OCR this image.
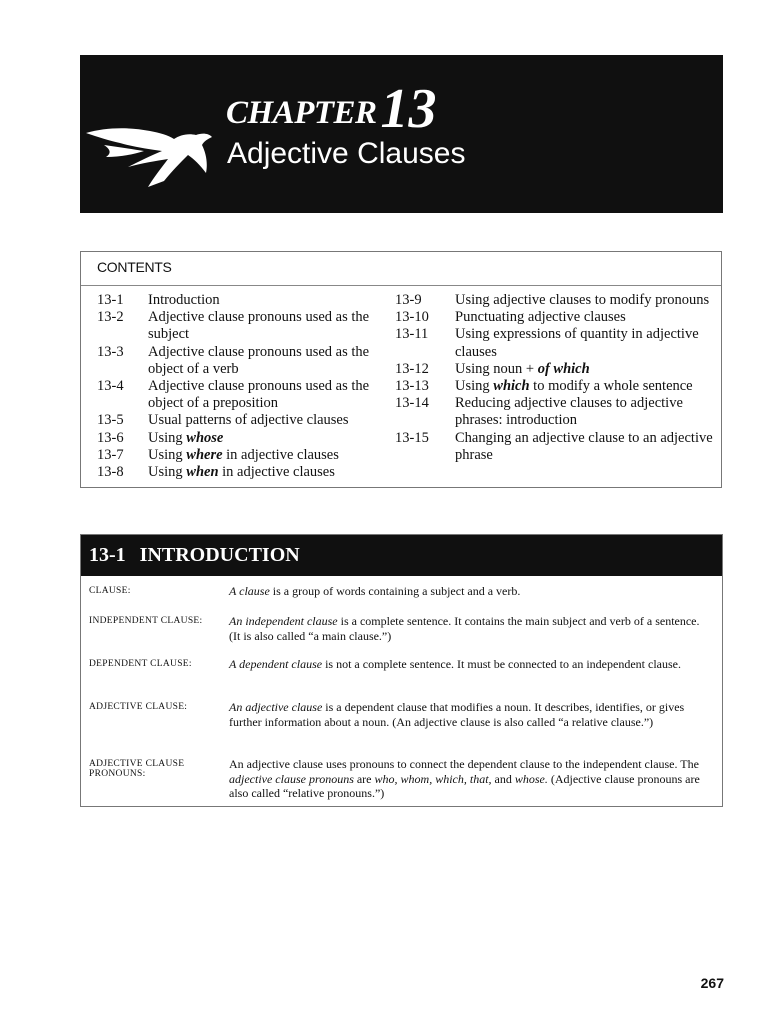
CHAPTER13
Adjective Clauses
CONTENTS
13-1	Introduction
13-2	Adjective clause pronouns used as the subject
13-3	Adjective clause pronouns used as the object of a verb
13-4	Adjective clause pronouns used as the object of a preposition
13-5	Usual patterns of adjective clauses
13-6	Using whose
13-7	Using where in adjective clauses
13-8	Using when in adjective clauses
13-9	Using adjective clauses to modify pronouns
13-10	Punctuating adjective clauses
13-11	Using expressions of quantity in adjective clauses
13-12	Using noun + of which
13-13	Using which to modify a whole sentence
13-14	Reducing adjective clauses to adjective phrases: introduction
13-15	Changing an adjective clause to an adjective phrase
13-1 INTRODUCTION
CLAUSE:	A clause is a group of words containing a subject and a verb.
INDEPENDENT CLAUSE:	An independent clause is a complete sentence. It contains the main subject and verb of a sentence. (It is also called “a main clause.”)
DEPENDENT CLAUSE:	A dependent clause is not a complete sentence. It must be connected to an independent clause.
ADJECTIVE CLAUSE:	An adjective clause is a dependent clause that modifies a noun. It describes, identifies, or gives further information about a noun. (An adjective clause is also called “a relative clause.”)
ADJECTIVE CLAUSE
PRONOUNS:
An adjective clause uses pronouns to connect the dependent clause to the independent clause. The adjective clause pronouns are who, whom, which, that, and whose. (Adjective clause pronouns are also called “relative pronouns.”)
267
